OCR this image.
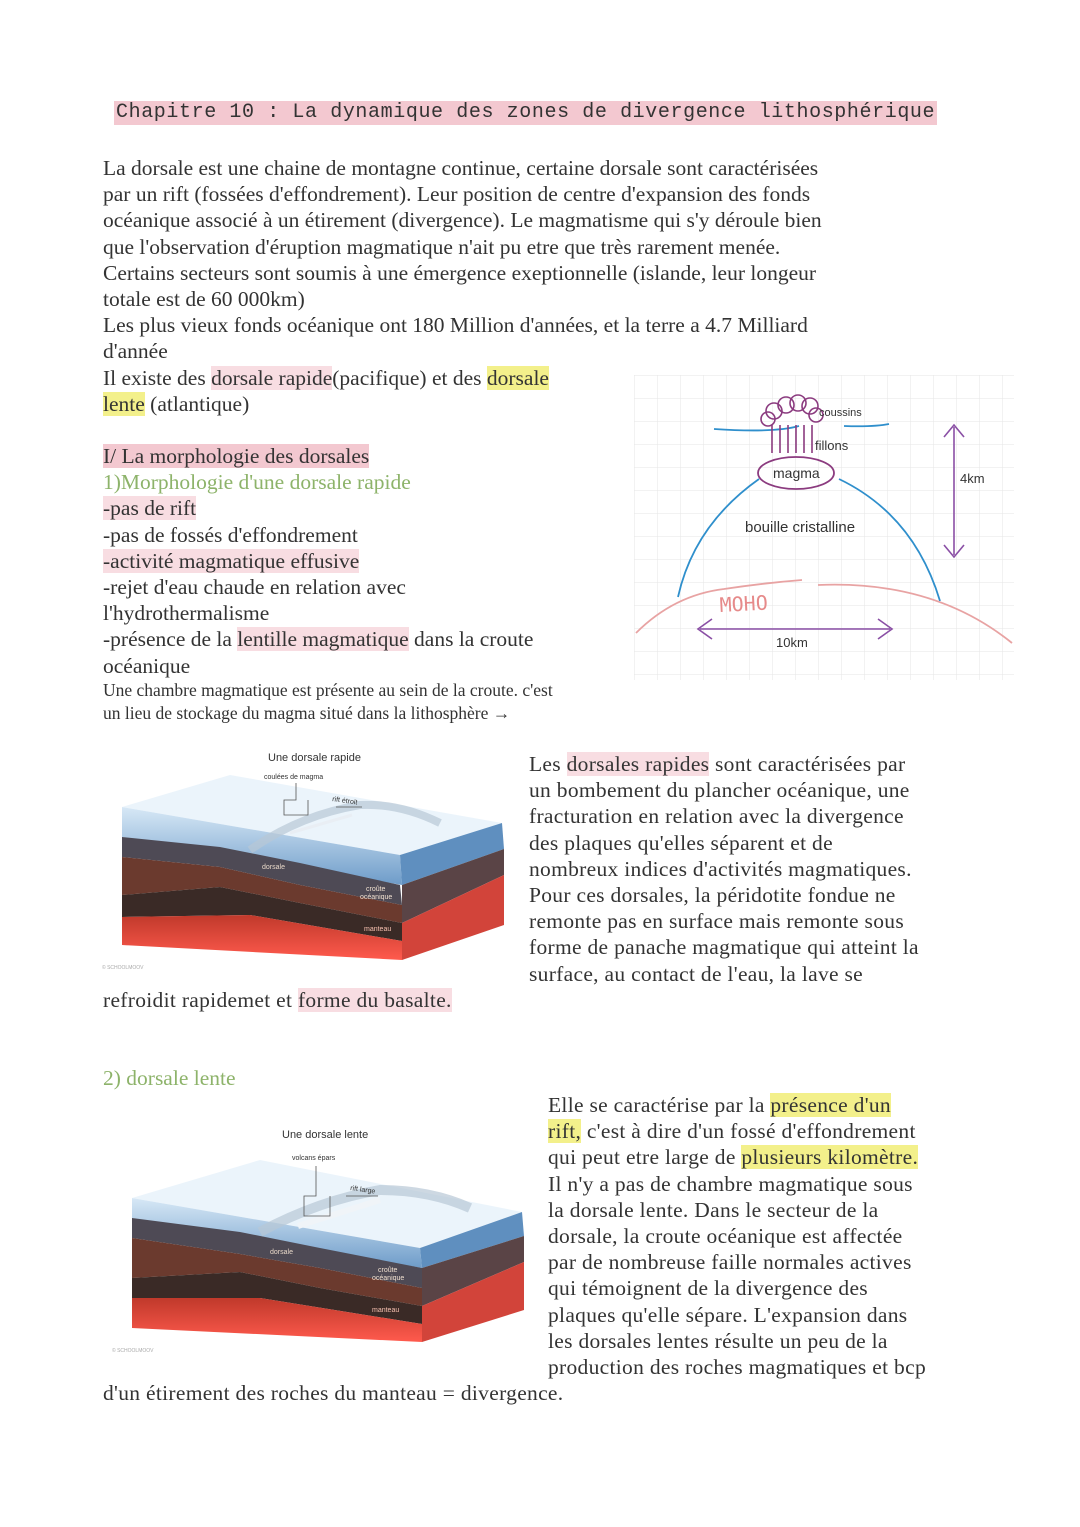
Chapitre 10 : La dynamique des zones de divergence lithosphérique
La dorsale est une chaine de montagne continue, certaine dorsale sont caractérisées
par un rift (fossées d'effondrement). Leur position de centre d'expansion des fonds
océanique associé à un étirement (divergence). Le magmatisme qui s'y déroule bien
que l'observation d'éruption magmatique n'ait pu etre que très rarement menée.
Certains secteurs sont soumis à une émergence exeptionnelle (islande, leur longeur
totale est de 60 000km)
Les plus vieux fonds océanique ont 180 Million d'années, et la terre a 4.7 Milliard
d'année
Il existe des dorsale rapide(pacifique) et des dorsale
lente (atlantique)
I/ La morphologie des dorsales
1)Morphologie d'une dorsale rapide
-pas de rift
-pas de fossés d'effondrement
-activité magmatique effusive
-rejet d'eau chaude en relation avec
l'hydrothermalisme
-présence de la lentille magmatique dans la croute
océanique
Une chambre magmatique est présente au sein de la croute. c'est
un lieu de stockage du magma situé dans la lithosphère →
coussins
fillons
magma
bouille cristalline
MOHO
10km
4km
Une dorsale rapide
coulées de magma
rift étroit
dorsale
croûte
océanique
manteau
© SCHOOLMOOV
Les dorsales rapides sont caractérisées par
un bombement du plancher océanique, une
fracturation en relation avec la divergence
des plaques qu'elles séparent et de
nombreux indices d'activités magmatiques.
Pour ces dorsales, la péridotite fondue ne
remonte pas en surface mais remonte sous
forme de panache magmatique qui atteint la
surface, au contact de l'eau, la lave se
refroidit rapidemet et forme du basalte.
2) dorsale lente
Une dorsale lente
volcans épars
rift large
dorsale
croûte
océanique
manteau
© SCHOOLMOOV
Elle se caractérise par la présence d'un
rift, c'est à dire d'un fossé d'effondrement
qui peut etre large de plusieurs kilomètre.
Il n'y a pas de chambre magmatique sous
la dorsale lente. Dans le secteur de la
dorsale, la croute océanique est affectée
par de nombreuse faille normales actives
qui témoignent de la divergence des
plaques qu'elle sépare. L'expansion dans
les dorsales lentes résulte un peu de la
production des roches magmatiques et bcp
d'un étirement des roches du manteau = divergence.
